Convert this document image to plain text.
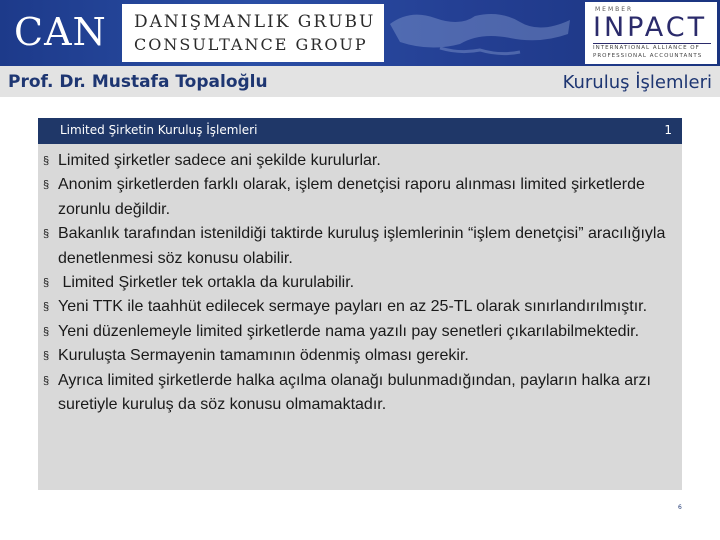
CAN DANIŞMANLIK GRUBU
CONSULTANCE GROUP
MEMBER
INPACT
INTERNATIONAL ALLIANCE OF
PROFESSIONAL ACCOUNTANTS
Prof. Dr. Mustafa Topaloğlu	Kuruluş İşlemleri
Limited Şirketin Kuruluş İşlemleri	1
§ Limited şirketler sadece ani şekilde kurulurlar.
§ Anonim şirketlerden farklı olarak, işlem denetçisi raporu alınması limited şirketlerde zorunlu değildir.
§ Bakanlık tarafından istenildiği taktirde kuruluş işlemlerinin “işlem denetçisi” aracılığıyla denetlenmesi söz konusu olabilir.
§ Limited Şirketler tek ortakla da kurulabilir.
§ Yeni TTK ile taahhüt edilecek sermaye payları en az 25-TL olarak sınırlandırılmıştır.
§ Yeni düzenlemeyle limited şirketlerde nama yazılı pay senetleri çıkarılabilmektedir.
§ Kuruluşta Sermayenin tamamının ödenmiş olması gerekir.
§ Ayrıca limited şirketlerde halka açılma olanağı bulunmadığından, payların halka arzı suretiyle kuruluş da söz konusu olmamaktadır.
6
